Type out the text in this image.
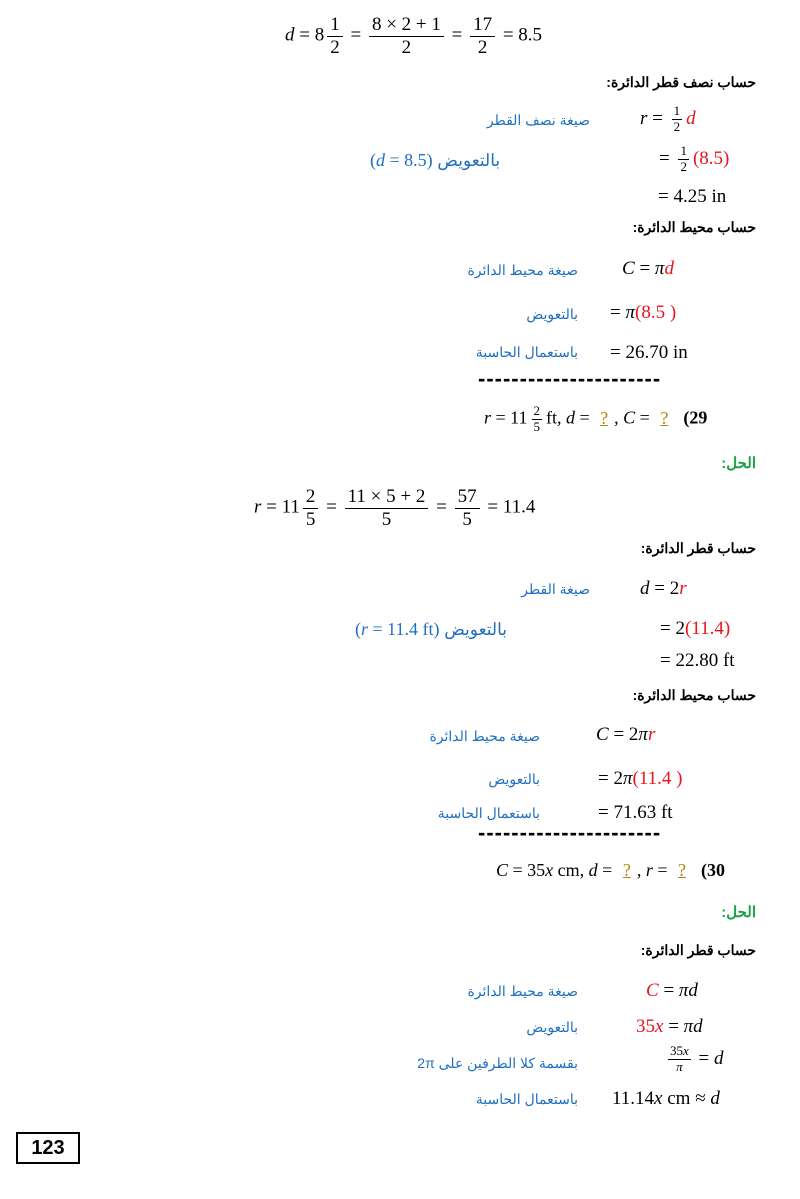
$d = 8 \frac{1}{2} = \frac{8 \times 2 + 1}{2} = \frac{17}{2} = 8.5$
حساب نصف قطر الدائرة:
$r = \frac{1}{2}$ d
صيغة نصف القطر
= $\frac{1}{2} (8.5)$
بالتعويض (d = 8.5)
= 4.25 in
حساب محيط الدائرة:
C = πd
صيغة محيط الدائرة
= π(8.5 )
بالتعويض
= 26.70 in
باستعمال الحاسبة
----------------------
$r = 11 \frac{2}{5}$ ft, d = ? , C = ? (29
الحل:
$r = 11 \frac{2}{5} = \frac{11 \times 5 + 2}{5} = \frac{57}{5} = 11.4$
حساب قطر الدائرة:
d = 2r
صيغة القطر
= 2(11.4)
بالتعويض (r = 11.4 ft)
= 22.80 ft
حساب محيط الدائرة:
C = 2πr
صيغة محيط الدائرة
= 2π(11.4 )
بالتعويض
= 71.63 ft
باستعمال الحاسبة
----------------------
C = 35x cm, d = ? , r = ? (30
الحل:
حساب قطر الدائرة:
C = πd
صيغة محيط الدائرة
35x = πd
بالتعويض
$\frac{35x}{\pi} = d$
بقسمة كلا الطرفين على 2π
11.14x cm ≈ d
باستعمال الحاسبة
123
